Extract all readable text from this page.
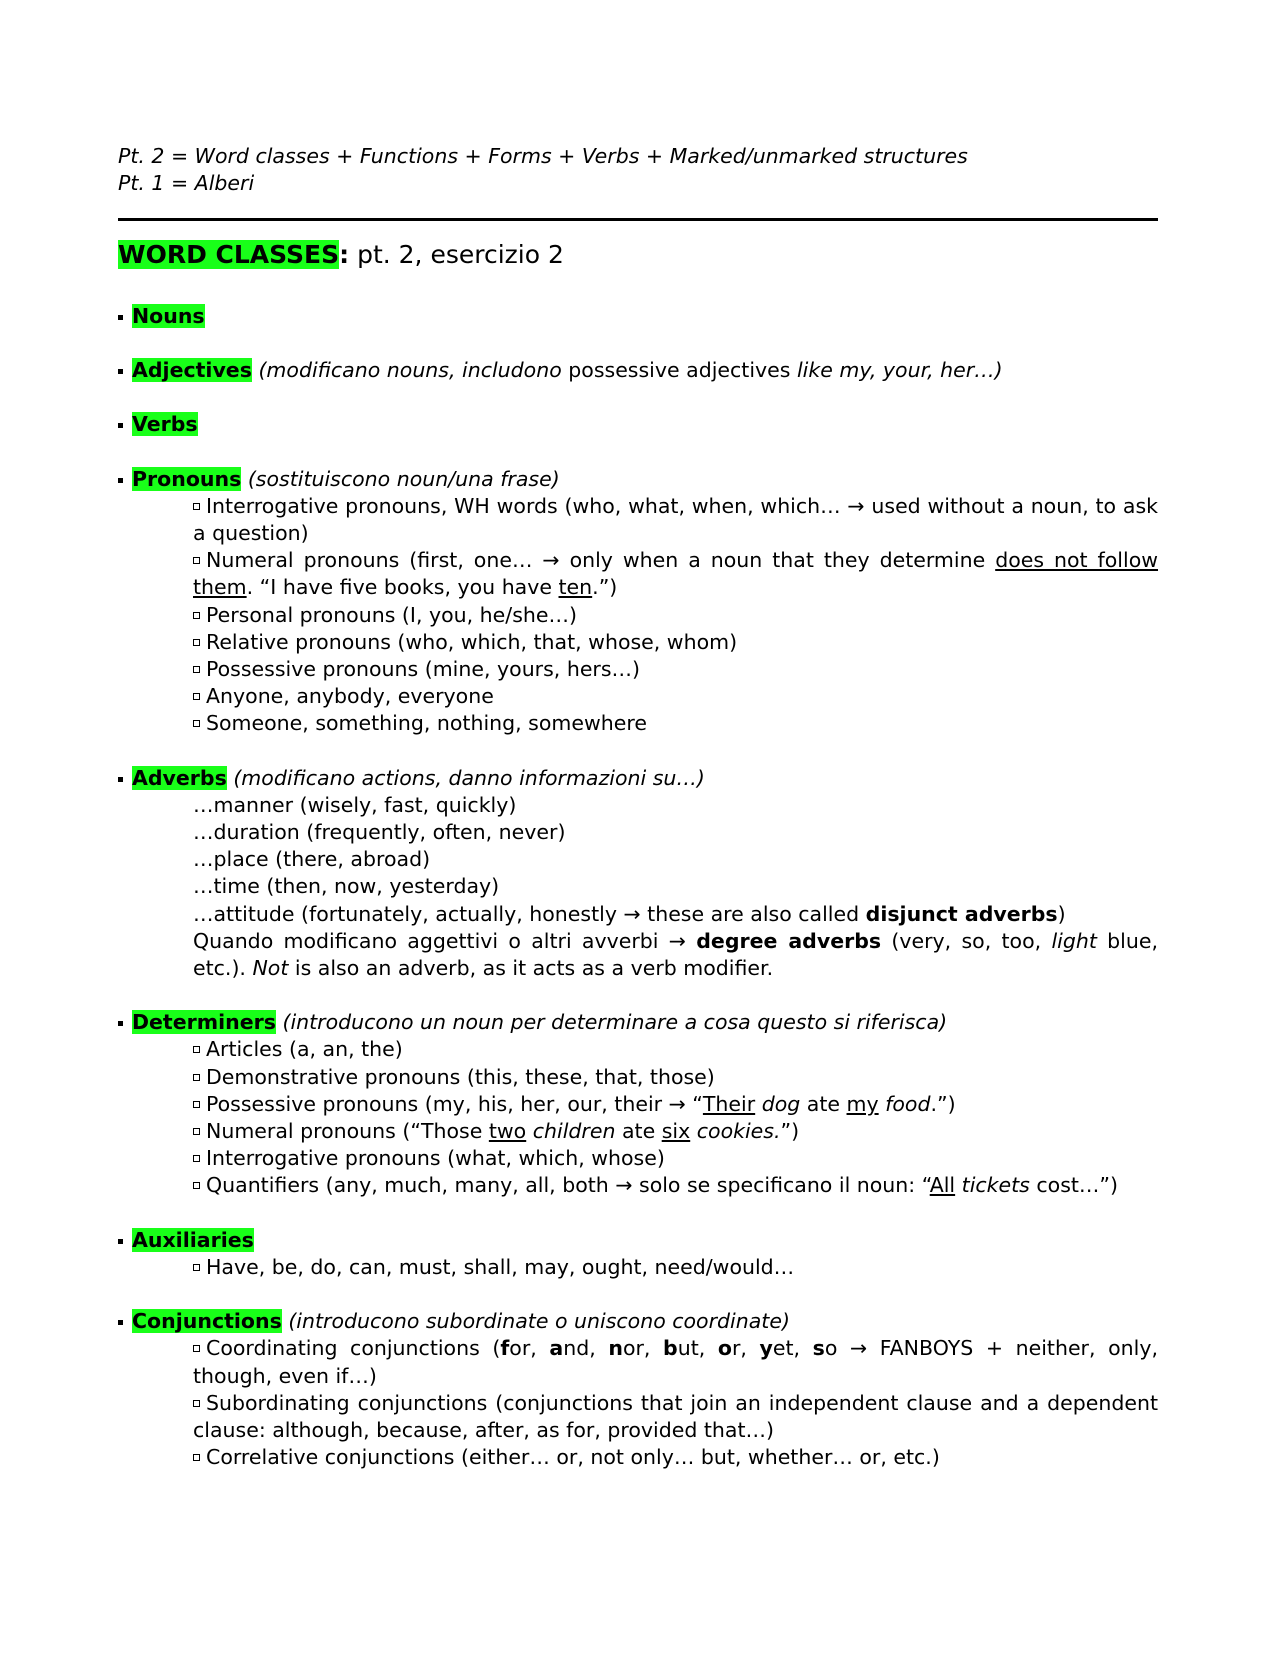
Pt. 2 = Word classes + Functions + Forms + Verbs + Marked/unmarked structures
Pt. 1 = Alberi
WORD CLASSES: pt. 2, esercizio 2
Nouns
Adjectives (modificano nouns, includono possessive adjectives like my, your, her…)
Verbs
Pronouns (sostituiscono noun/una frase)
Interrogative pronouns, WH words (who, what, when, which… → used without a noun, to ask a question)
Numeral pronouns (first, one… → only when a noun that they determine does not follow them. “I have five books, you have ten.”)
Personal pronouns (I, you, he/she…)
Relative pronouns (who, which, that, whose, whom)
Possessive pronouns (mine, yours, hers…)
Anyone, anybody, everyone
Someone, something, nothing, somewhere
Adverbs (modificano actions, danno informazioni su…)
…manner (wisely, fast, quickly)
…duration (frequently, often, never)
…place (there, abroad)
…time (then, now, yesterday)
…attitude (fortunately, actually, honestly → these are also called disjunct adverbs)
Quando modificano aggettivi o altri avverbi → degree adverbs (very, so, too, light blue, etc.). Not is also an adverb, as it acts as a verb modifier.
Determiners (introducono un noun per determinare a cosa questo si riferisca)
Articles (a, an, the)
Demonstrative pronouns (this, these, that, those)
Possessive pronouns (my, his, her, our, their → “Their dog ate my food.”)
Numeral pronouns (“Those two children ate six cookies.”)
Interrogative pronouns (what, which, whose)
Quantifiers (any, much, many, all, both → solo se specificano il noun: “All tickets cost…”)
Auxiliaries
Have, be, do, can, must, shall, may, ought, need/would…
Conjunctions (introducono subordinate o uniscono coordinate)
Coordinating conjunctions (for, and, nor, but, or, yet, so → FANBOYS + neither, only, though, even if…)
Subordinating conjunctions (conjunctions that join an independent clause and a dependent clause: although, because, after, as for, provided that…)
Correlative conjunctions (either… or, not only… but, whether… or, etc.)
